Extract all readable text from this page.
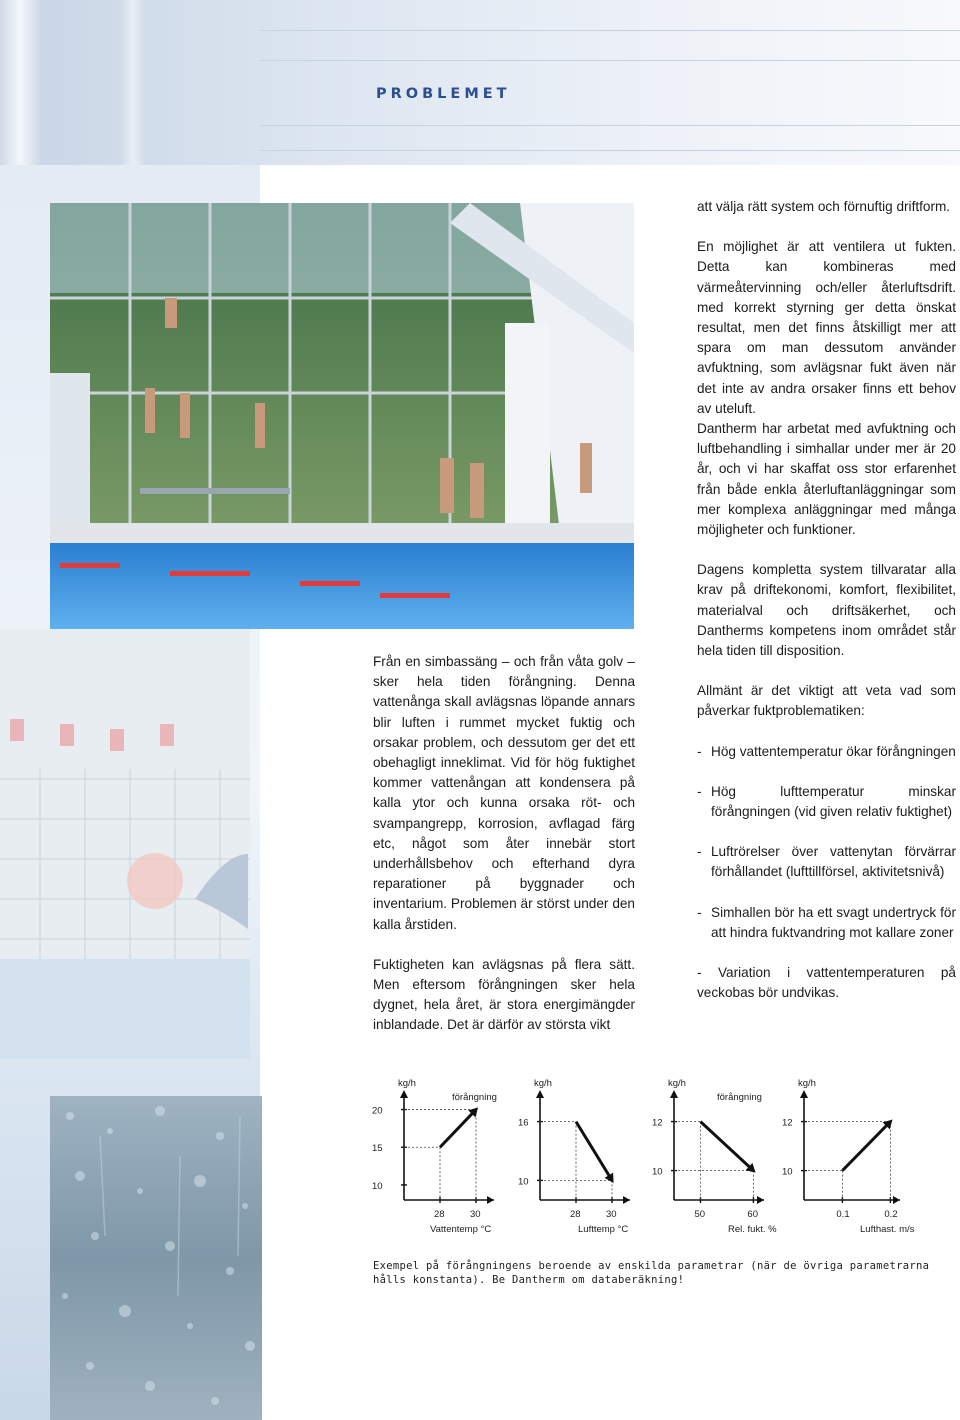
PROBLEMET

Från en simbassäng – och från våta golv – sker hela tiden förångning. Denna vattenånga skall avlägsnas löpande annars blir luften i rummet mycket fuktig och orsakar problem, och dessutom ger det ett obehagligt inneklimat. Vid för hög fuktighet kommer vattenångan att kondensera på kalla ytor och kunna orsaka röt- och svampangrepp, korrosion, avflagad färg etc, något som åter innebär stort underhållsbehov och efterhand dyra reparationer på byggnader och inventarium. Problemen är störst under den kalla årstiden.

Fuktigheten kan avlägsnas på flera sätt. Men eftersom förångningen sker hela dygnet, hela året, är stora energimängder inblandade. Det är därför av största vikt

att välja rätt system och förnuftig driftform.

En möjlighet är att ventilera ut fukten. Detta kan kombineras med värmeåtervinning och/eller återluftsdrift. med korrekt styrning ger detta önskat resultat, men det finns åtskilligt mer att spara om man dessutom använder avfuktning, som avlägsnar fukt även när det inte av andra orsaker finns ett behov av uteluft.

Dantherm har arbetat med avfuktning och luftbehandling i simhallar under mer är 20 år, och vi har skaffat oss stor erfarenhet från både enkla återluftanläggningar som mer komplexa anläggningar med många möjligheter och funktioner.

Dagens kompletta system tillvaratar alla krav på driftekonomi, komfort, flexibilitet, materialval och driftsäkerhet, och Dantherms kompetens inom området står hela tiden till disposition.

Allmänt är det viktigt att veta vad som påverkar fuktproblematiken:

- Hög vattentemperatur ökar förångningen
- Hög lufttemperatur minskar förångningen (vid given relativ fuktighet)
- Luftrörelser över vattenytan förvärrar förhållandet (lufttillförsel, aktivitetsnivå)
- Simhallen bör ha ett svagt undertryck för att hindra fuktvandring mot kallare zoner

- Variation i vattentemperaturen på veckobas bör undvikas.

kg/h
förångning
10
15
20
28	30
Vattentemp °C
kg/h
10
16
28	30
Lufttemp °C
kg/h
förångning
10
12
50	60
Rel. fukt. %
kg/h
10
12
0.1	0.2
Lufthast. m/s
Exempel på förångningens beroende av enskilda parametrar (när de övriga parametrarna hålls konstanta). Be Dantherm om databeräkning!
